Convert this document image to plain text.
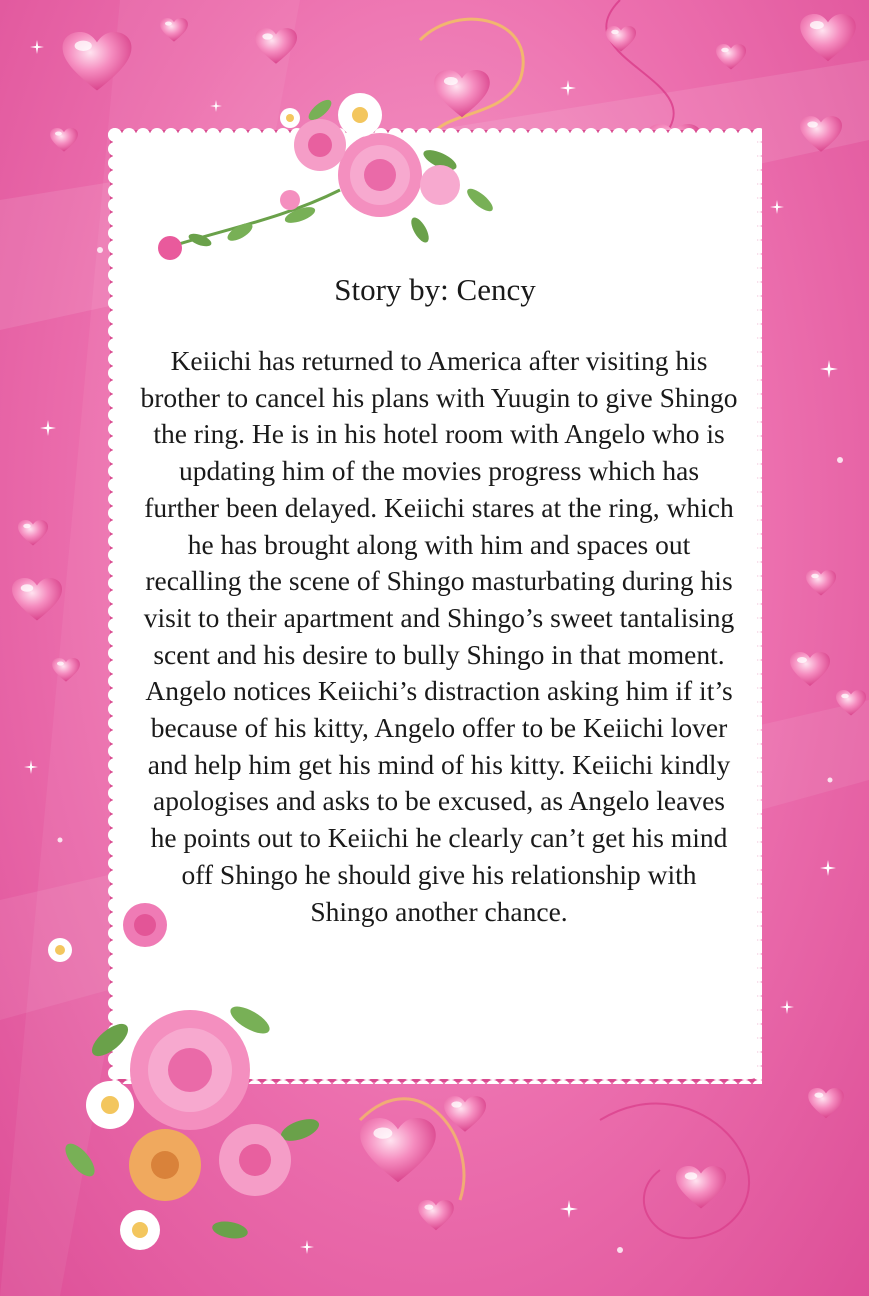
Story by: Cency

Keiichi has returned to America after visiting his brother to cancel his plans with Yuugin to give Shingo the ring. He is in his hotel room with Angelo who is updating him of the movies progress which has further been delayed. Keiichi stares at the ring, which he has brought along with him and spaces out recalling the scene of Shingo masturbating during his visit to their apartment and Shingo’s sweet tantalising scent and his desire to bully Shingo in that moment. Angelo notices Keiichi’s distraction asking him if it’s because of his kitty, Angelo offer to be Keiichi lover and help him get his mind of his kitty. Keiichi kindly apologises and asks to be excused, as Angelo leaves he points out to Keiichi he clearly can’t get his mind off Shingo he should give his relationship with Shingo another chance.
